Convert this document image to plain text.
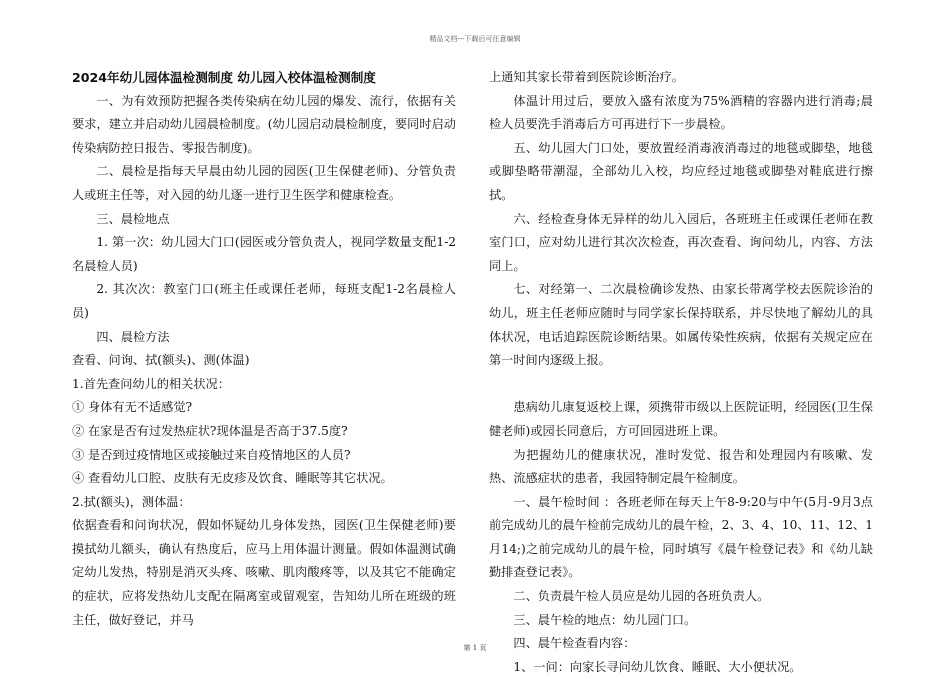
精品文档---下载后可任意编辑

2024年幼儿园体温检测制度 幼儿园入校体温检测制度

一、为有效预防把握各类传染病在幼儿园的爆发、流行，依据有关要求，建立并启动幼儿园晨检制度。(幼儿园启动晨检制度，要同时启动传染病防控日报告、零报告制度)。

二、晨检是指每天早晨由幼儿园的园医(卫生保健老师)、分管负责人或班主任等，对入园的幼儿逐一进行卫生医学和健康检查。

三、晨检地点

1. 第一次：幼儿园大门口(园医或分管负责人，视同学数量支配1-2名晨检人员)

2. 其次次：教室门口(班主任或课任老师，每班支配1-2名晨检人员)

四、晨检方法

查看、问询、拭(额头)、测(体温)

1.首先查问幼儿的相关状况：

① 身体有无不适感觉?

② 在家是否有过发热症状?现体温是否高于37.5度?

③ 是否到过疫情地区或接触过来自疫情地区的人员?

④ 查看幼儿口腔、皮肤有无皮疹及饮食、睡眠等其它状况。

2.拭(额头)，测体温：

依据查看和问询状况，假如怀疑幼儿身体发热，园医(卫生保健老师)要摸拭幼儿额头，确认有热度后，应马上用体温计测量。假如体温测试确定幼儿发热，特别是消灭头疼、咳嗽、肌肉酸疼等，以及其它不能确定的症状，应将发热幼儿支配在隔离室或留观室，告知幼儿所在班级的班主任，做好登记，并马

上通知其家长带着到医院诊断治疗。

体温计用过后，要放入盛有浓度为75%酒精的容器内进行消毒;晨检人员要洗手消毒后方可再进行下一步晨检。

五、幼儿园大门口处，要放置经消毒液消毒过的地毯或脚垫，地毯或脚垫略带潮湿，全部幼儿入校，均应经过地毯或脚垫对鞋底进行擦拭。

六、经检查身体无异样的幼儿入园后，各班班主任或课任老师在教室门口，应对幼儿进行其次次检查，再次查看、询问幼儿，内容、方法同上。

七、对经第一、二次晨检确诊发热、由家长带离学校去医院诊治的幼儿，班主任老师应随时与同学家长保持联系，并尽快地了解幼儿的具体状况，电话追踪医院诊断结果。如属传染性疾病，依据有关规定应在第一时间内逐级上报。

患病幼儿康复返校上课，须携带市级以上医院证明，经园医(卫生保健老师)或园长同意后，方可回园进班上课。

为把握幼儿的健康状况，准时发觉、报告和处理园内有咳嗽、发热、流感症状的患者，我园特制定晨午检制度。

一、晨午检时间 ：各班老师在每天上午8-9:20与中午(5月-9月3点前完成幼儿的晨午检前完成幼儿的晨午检，2、3、4、10、11、12、1月14;)之前完成幼儿的晨午检，同时填写《晨午检登记表》和《幼儿缺勤排查登记表》。

二、负责晨午检人员应是幼儿园的各班负责人。

三、晨午检的地点：幼儿园门口。

四、晨午检查看内容：

1、一问：向家长寻问幼儿饮食、睡眠、大小便状况。

第 1 页
